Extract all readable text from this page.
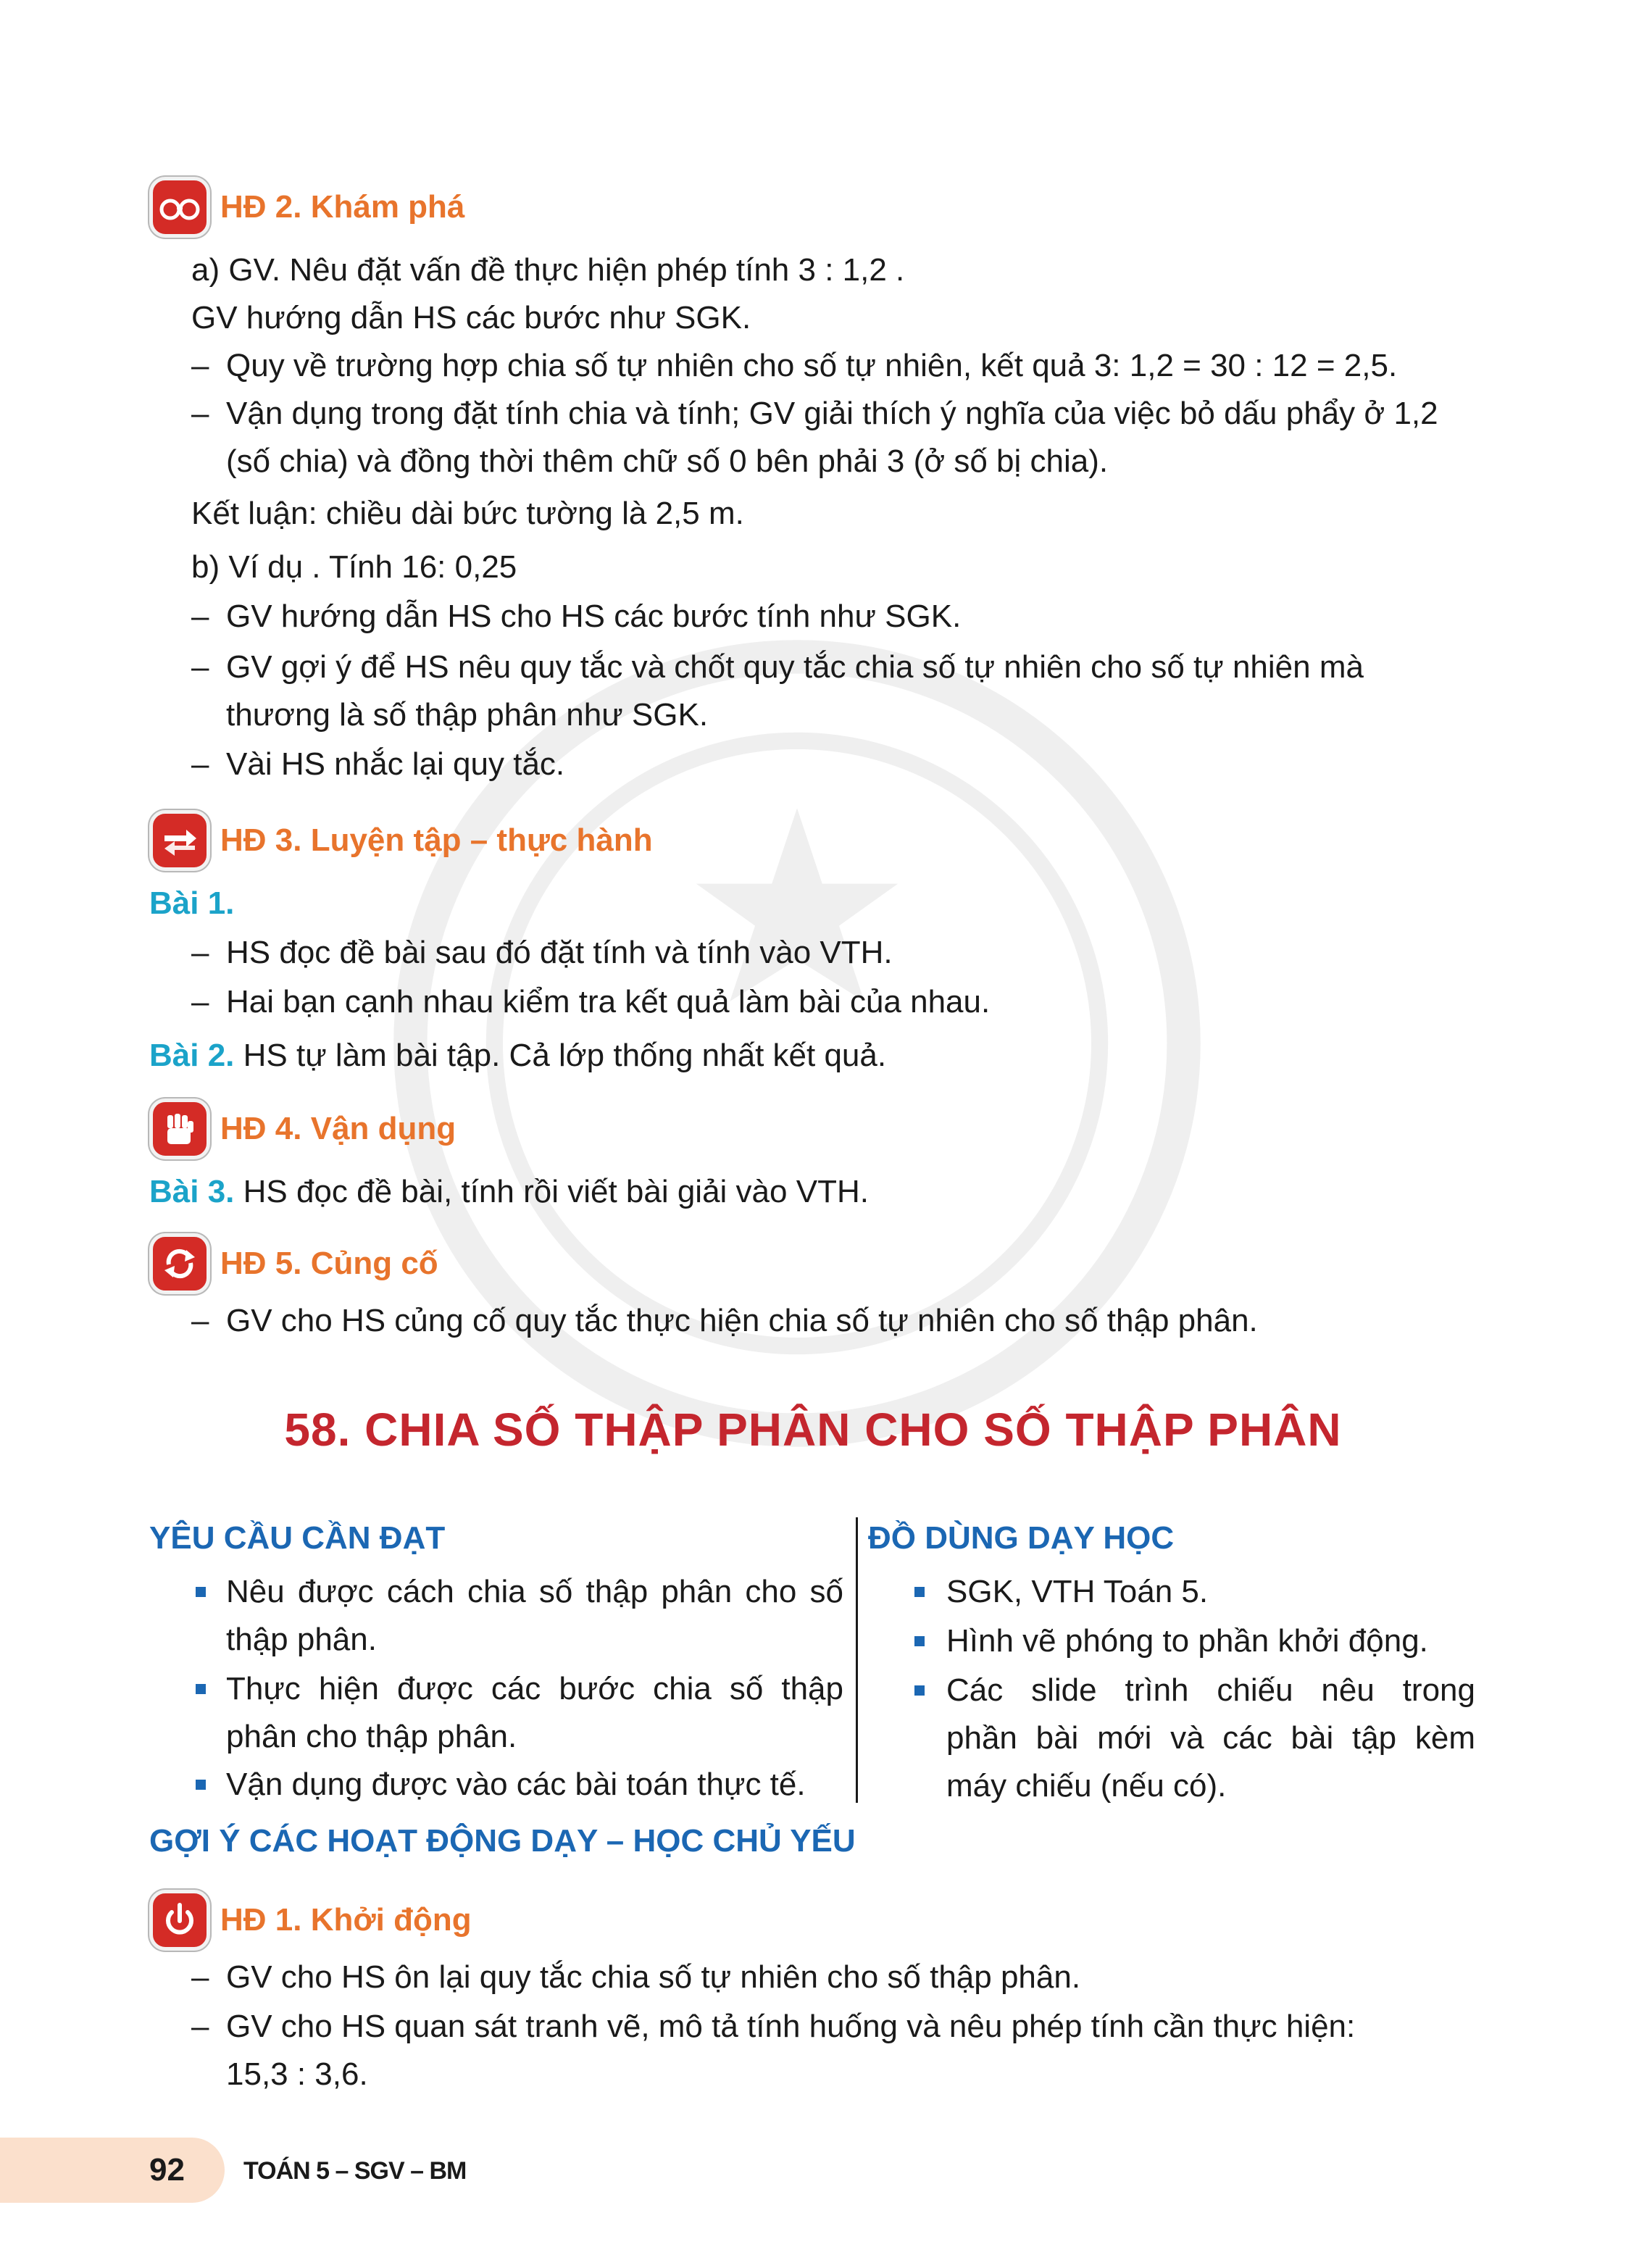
HĐ 2. Khám phá
a) GV. Nêu đặt vấn đề thực hiện phép tính 3 : 1,2 .
GV hướng dẫn HS các bước như SGK.
– Quy về trường hợp chia số tự nhiên cho số tự nhiên, kết quả 3: 1,2 = 30 : 12 = 2,5.
– Vận dụng trong đặt tính chia và tính; GV giải thích ý nghĩa của việc bỏ dấu phẩy ở 1,2
(số chia) và đồng thời thêm chữ số 0 bên phải 3 (ở số bị chia).
Kết luận: chiều dài bức tường là 2,5 m.
b) Ví dụ . Tính 16: 0,25
– GV hướng dẫn HS cho HS các bước tính như SGK.
– GV gợi ý để HS nêu quy tắc và chốt quy tắc chia số tự nhiên cho số tự nhiên mà
thương là số thập phân như SGK.
– Vài HS nhắc lại quy tắc.
HĐ 3. Luyện tập – thực hành
Bài 1.
– HS đọc đề bài sau đó đặt tính và tính vào VTH.
– Hai bạn cạnh nhau kiểm tra kết quả làm bài của nhau.
Bài 2. HS tự làm bài tập. Cả lớp thống nhất kết quả.
HĐ 4. Vận dụng
Bài 3. HS đọc đề bài, tính rồi viết bài giải vào VTH.
HĐ 5. Củng cố
– GV cho HS củng cố quy tắc thực hiện chia số tự nhiên cho số thập phân.
58. CHIA SỐ THẬP PHÂN CHO SỐ THẬP PHÂN
YÊU CẦU CẦN ĐẠT	ĐỒ DÙNG DẠY HỌC
Nêu được cách chia số thập phân cho số
thập phân.
Thực hiện được các bước chia số thập
phân cho thập phân.
Vận dụng được vào các bài toán thực tế.
SGK, VTH Toán 5.
Hình vẽ phóng to phần khởi động.
Các slide trình chiếu nêu trong
phần bài mới và các bài tập kèm
máy chiếu (nếu có).
GỢI Ý CÁC HOẠT ĐỘNG DẠY – HỌC CHỦ YẾU
HĐ 1. Khởi động
– GV cho HS ôn lại quy tắc chia số tự nhiên cho số thập phân.
– GV cho HS quan sát tranh vẽ, mô tả tính huống và nêu phép tính cần thực hiện:
15,3 : 3,6.
92 TOÁN 5 – SGV – BM
